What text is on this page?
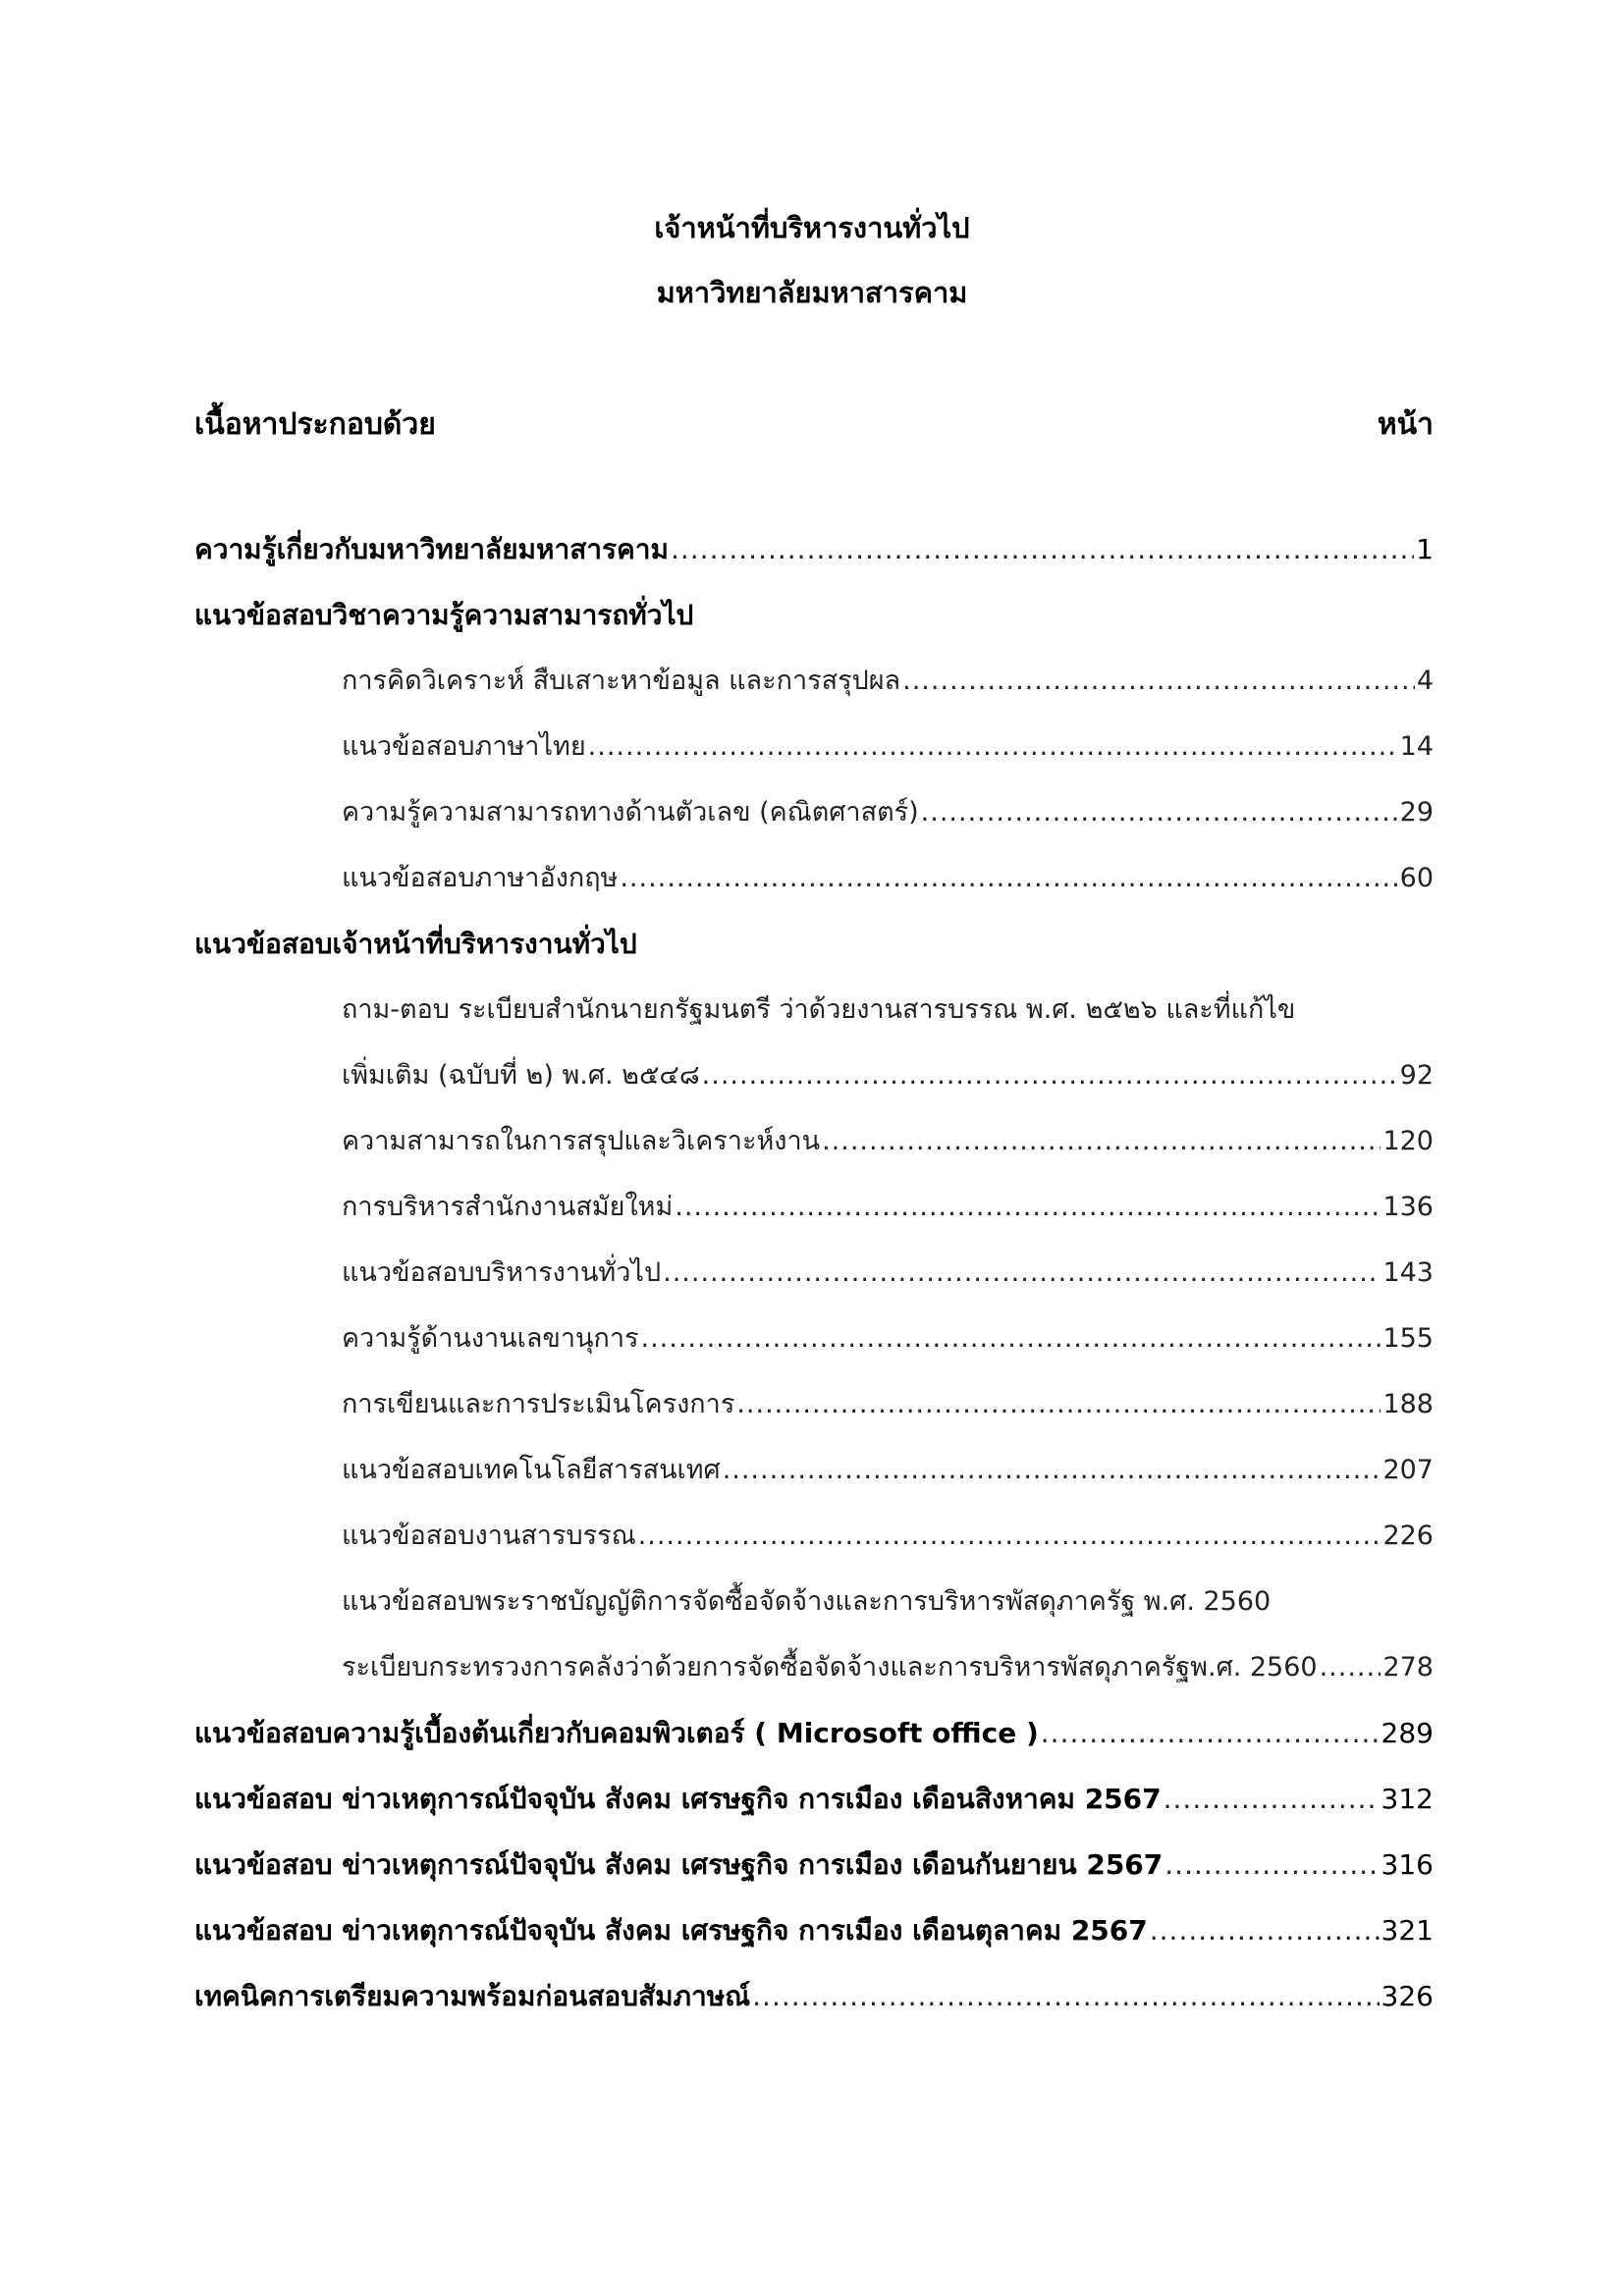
เจ้าหน้าที่บริหารงานทั่วไป
มหาวิทยาลัยมหาสารคาม
เนื้อหาประกอบด้วย	หน้า
ความรู้เกี่ยวกับมหาวิทยาลัยมหาสารคาม .....	1
แนวข้อสอบวิชาความรู้ความสามารถทั่วไป
การคิดวิเคราะห์ สืบเสาะหาข้อมูล และการสรุปผล .....	4
แนวข้อสอบภาษาไทย .....	14
ความรู้ความสามารถทางด้านตัวเลข (คณิตศาสตร์) .....	29
แนวข้อสอบภาษาอังกฤษ .....	60
แนวข้อสอบเจ้าหน้าที่บริหารงานทั่วไป
ถาม-ตอบ ระเบียบสำนักนายกรัฐมนตรี ว่าด้วยงานสารบรรณ พ.ศ. ๒๕๒๖ และที่แก้ไข
เพิ่มเติม (ฉบับที่ ๒) พ.ศ. ๒๕๔๘ .....	92
ความสามารถในการสรุปและวิเคราะห์งาน .....	120
การบริหารสำนักงานสมัยใหม่ .....	136
แนวข้อสอบบริหารงานทั่วไป .....	143
ความรู้ด้านงานเลขานุการ .....	155
การเขียนและการประเมินโครงการ .....	188
แนวข้อสอบเทคโนโลยีสารสนเทศ .....	207
แนวข้อสอบงานสารบรรณ .....	226
แนวข้อสอบพระราชบัญญัติการจัดซื้อจัดจ้างและการบริหารพัสดุภาครัฐ พ.ศ. 2560
ระเบียบกระทรวงการคลังว่าด้วยการจัดซื้อจัดจ้างและการบริหารพัสดุภาครัฐพ.ศ. 2560 ..... 278
แนวข้อสอบความรู้เบื้องต้นเกี่ยวกับคอมพิวเตอร์ ( Microsoft office ) .....	289
แนวข้อสอบ ข่าวเหตุการณ์ปัจจุบัน สังคม เศรษฐกิจ การเมือง เดือนสิงหาคม 2567 .....	312
แนวข้อสอบ ข่าวเหตุการณ์ปัจจุบัน สังคม เศรษฐกิจ การเมือง เดือนกันยายน 2567 .....	316
แนวข้อสอบ ข่าวเหตุการณ์ปัจจุบัน สังคม เศรษฐกิจ การเมือง เดือนตุลาคม 2567 .....	321
เทคนิคการเตรียมความพร้อมก่อนสอบสัมภาษณ์ .....	326
